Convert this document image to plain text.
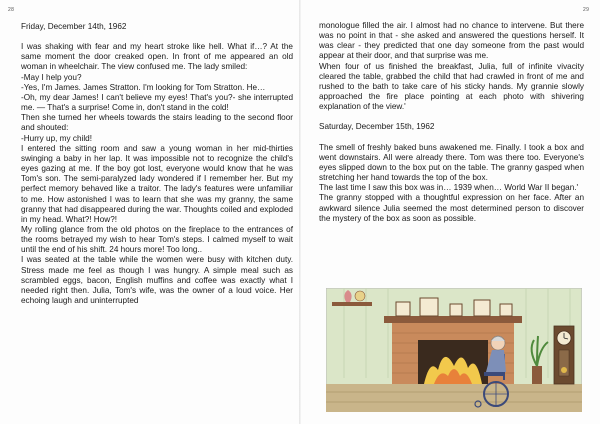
28	29

Friday, December 14th, 1962

I was shaking with fear and my heart stroke like hell. What if…? At the same moment the door creaked open. In front of me appeared an old woman in wheelchair. The view confused me. The lady smiled:

-May I help you?

-Yes, I'm James. James Stratton. I'm looking for Tom Stratton. He…

-Oh, my dear James! I can't believe my eyes! That's you?- she interrupted me. — That's a surprise! Come in, don't stand in the cold!

Then she turned her wheels towards the stairs leading to the second floor and shouted:

-Hurry up, my child!

I entered the sitting room and saw a young woman in her mid-thirties swinging a baby in her lap. It was impossible not to recognize the child's eyes gazing at me. If the boy got lost, everyone would know that he was Tom's son. The semi-paralyzed lady wondered if I remember her. But my perfect memory behaved like a traitor. The lady's features were unfamiliar to me. How astonished I was to learn that she was my granny, the same granny that had disappeared during the war. Thoughts coiled and exploded in my head. What?! How?!

My rolling glance from the old photos on the fireplace to the entrances of the rooms betrayed my wish to hear Tom's steps. I calmed myself to wait until the end of his shift. 24 hours more! Too long..

I was seated at the table while the women were busy with kitchen duty. Stress made me feel as though I was hungry. A simple meal such as scrambled eggs, bacon, English muffins and coffee was exactly what I needed right then. Julia, Tom's wife, was the owner of a loud voice. Her echoing laugh and uninterrupted

monologue filled the air. I almost had no chance to intervene. But there was no point in that - she asked and answered the questions herself. It was clear - they predicted that one day someone from the past would appear at their door, and that surprise was me.

When four of us finished the breakfast, Julia, full of infinite vivacity cleared the table, grabbed the child that had crawled in front of me and rushed to the bath to take care of his sticky hands. My grannie slowly approached the fire place pointing at each photo with shivering explanation of the view.'

Saturday, December 15th, 1962

The smell of freshly baked buns awakened me. Finally. I took a box and went downstairs. All were already there. Tom was there too. Everyone's eyes slipped down to the box put on the table. The granny gasped when stretching her hand towards the top of the box.

The last time I saw this box was in… 1939 when… World War II began.'

The granny stopped with a thoughtful expression on her face. After an awkward silence Julia seemed the most determined person to discover the mystery of the box as soon as possible.
